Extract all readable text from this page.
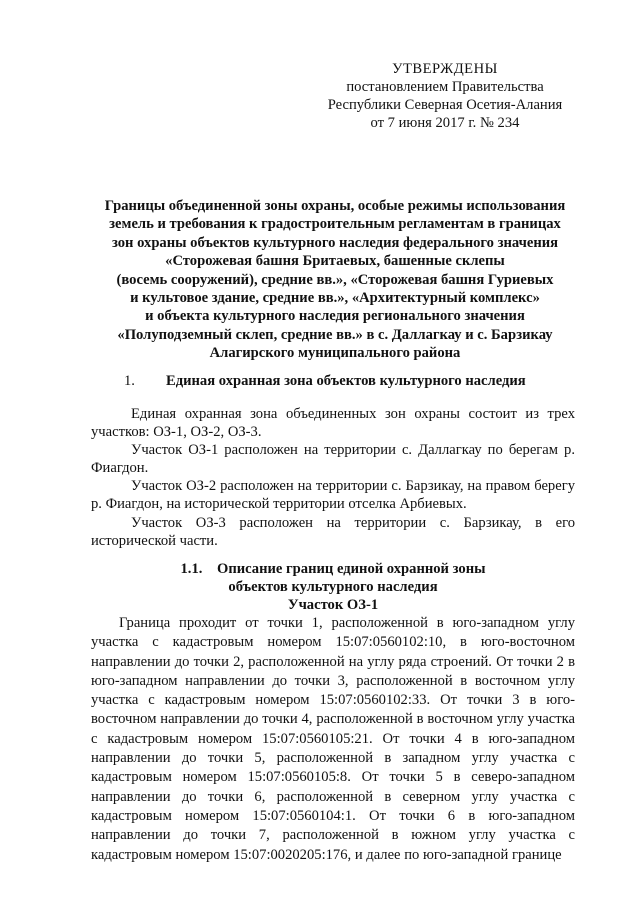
УТВЕРЖДЕНЫ
постановлением Правительства
Республики Северная Осетия-Алания
от 7 июня 2017 г. № 234
Границы объединенной зоны охраны, особые режимы использования
земель и требования к градостроительным регламентам в границах
зон охраны объектов культурного наследия федерального значения
«Сторожевая башня Бритаевых, башенные склепы
(восемь сооружений), средние вв.», «Сторожевая башня Гуриевых
и культовое здание, средние вв.», «Архитектурный комплекс»
и объекта культурного наследия регионального значения
«Полуподземный склеп, средние вв.» в с. Даллагкау и с. Барзикау
Алагирского муниципального района
1. Единая охранная зона объектов культурного наследия

Единая охранная зона объединенных зон охраны состоит из трех участков: ОЗ-1, ОЗ-2, ОЗ-3.

Участок ОЗ-1 расположен на территории с. Даллагкау по берегам р. Фиагдон.

Участок ОЗ-2 расположен на территории с. Барзикау, на правом берегу р. Фиагдон, на исторической территории отселка Арбиевых.

Участок ОЗ-3 расположен на территории с. Барзикау, в его исторической части.

1.1.    Описание границ единой охранной зоны
объектов культурного наследия
Участок ОЗ-1

Граница проходит от точки 1, расположенной в юго-западном углу участка с кадастровым номером 15:07:0560102:10, в юго-восточном направлении до точки 2, расположенной на углу ряда строений. От точки 2 в юго-западном направлении до точки 3, расположенной в восточном углу участка с кадастровым номером 15:07:0560102:33. От точки 3 в юго-восточном направлении до точки 4, расположенной в восточном углу участка с кадастровым номером 15:07:0560105:21. От точки 4 в юго-западном направлении до точки 5, расположенной в западном углу участка с кадастровым номером 15:07:0560105:8. От точки 5 в северо-западном направлении до точки 6, расположенной в северном углу участка с кадастровым номером 15:07:0560104:1. От точки 6 в юго-западном направлении до точки 7, расположенной в южном углу участка с кадастровым номером 15:07:0020205:176, и далее по юго-западной границе
